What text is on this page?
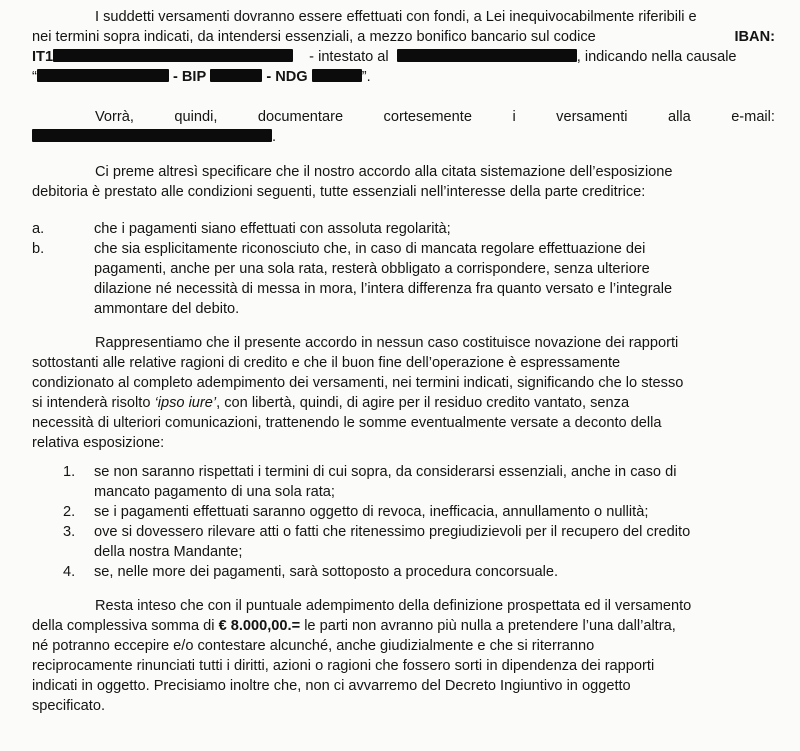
I suddetti versamenti dovranno essere effettuati con fondi, a Lei inequivocabilmente riferibili e
nei termini sopra indicati, da intendersi essenziali, a mezzo bonifico bancario sul codice	IBAN:
IT1	- intestato al	, indicando nella causale
“	- BIP	- NDG	”.
Vorrà,	quindi,	documentare	cortesemente	i	versamenti	alla	e-mail:
.
Ci preme altresì specificare che il nostro accordo alla citata sistemazione dell’esposizione
debitoria è prestato alle condizioni seguenti, tutte essenziali nell’interesse della parte creditrice:
a.	che i pagamenti siano effettuati con assoluta regolarità;
b.	che sia esplicitamente riconosciuto che, in caso di mancata regolare effettuazione dei
pagamenti, anche per una sola rata, resterà obbligato a corrispondere, senza ulteriore
dilazione né necessità di messa in mora, l’intera differenza fra quanto versato e l’integrale
ammontare del debito.
Rappresentiamo che il presente accordo in nessun caso costituisce novazione dei rapporti
sottostanti alle relative ragioni di credito e che il buon fine dell’operazione è espressamente
condizionato al completo adempimento dei versamenti, nei termini indicati, significando che lo stesso
si intenderà risolto ‘ipso iure’, con libertà, quindi, di agire per il residuo credito vantato, senza
necessità di ulteriori comunicazioni, trattenendo le somme eventualmente versate a deconto della
relativa esposizione:
1. se non saranno rispettati i termini di cui sopra, da considerarsi essenziali, anche in caso di
mancato pagamento di una sola rata;
2. se i pagamenti effettuati saranno oggetto di revoca, inefficacia, annullamento o nullità;
3. ove si dovessero rilevare atti o fatti che ritenessimo pregiudizievoli per il recupero del credito
della nostra Mandante;
4. se, nelle more dei pagamenti, sarà sottoposto a procedura concorsuale.
Resta inteso che con il puntuale adempimento della definizione prospettata ed il versamento
della complessiva somma di € 8.000,00.= le parti non avranno più nulla a pretendere l’una dall’altra,
né potranno eccepire e/o contestare alcunché, anche giudizialmente e che si riterranno
reciprocamente rinunciati tutti i diritti, azioni o ragioni che fossero sorti in dipendenza dei rapporti
indicati in oggetto. Precisiamo inoltre che, non ci avvarremo del Decreto Ingiuntivo in oggetto
specificato.
